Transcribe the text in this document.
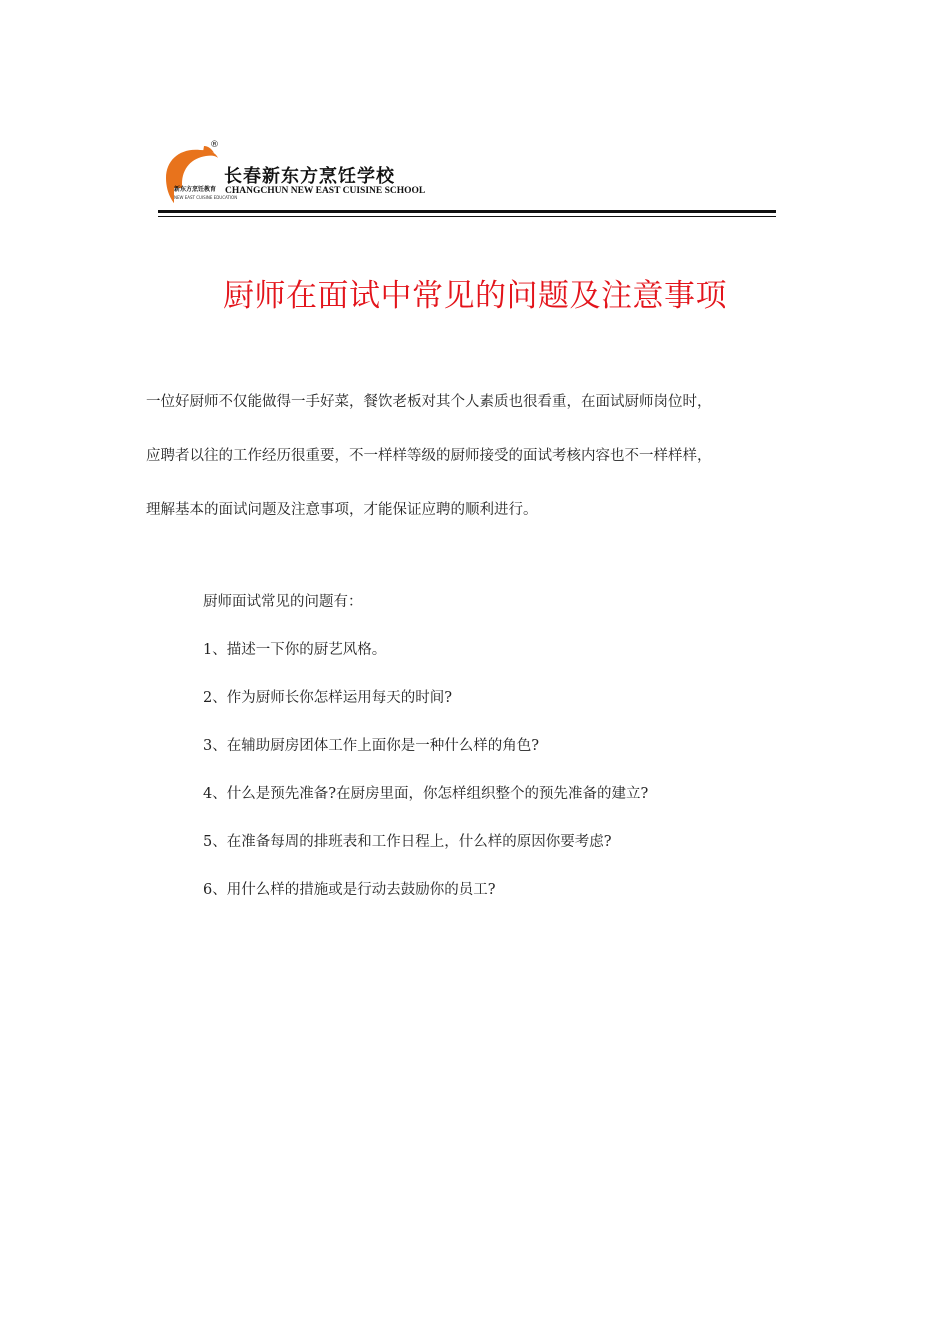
®
新东方烹饪教育
NEW EAST CUISINE EDUCATION
长春新东方烹饪学校
CHANGCHUN NEW EAST CUISINE SCHOOL
厨师在面试中常见的问题及注意事项

一位好厨师不仅能做得一手好菜，餐饮老板对其个人素质也很看重，在面试厨师岗位时，
应聘者以往的工作经历很重要，不一样样等级的厨师接受的面试考核内容也不一样样样，
理解基本的面试问题及注意事项，才能保证应聘的顺利进行。

厨师面试常见的问题有：
1、描述一下你的厨艺风格。
2、作为厨师长你怎样运用每天的时间?
3、在辅助厨房团体工作上面你是一种什么样的角色?
4、什么是预先准备?在厨房里面，你怎样组织整个的预先准备的建立?
5、在准备每周的排班表和工作日程上，什么样的原因你要考虑?
6、用什么样的措施或是行动去鼓励你的员工?
